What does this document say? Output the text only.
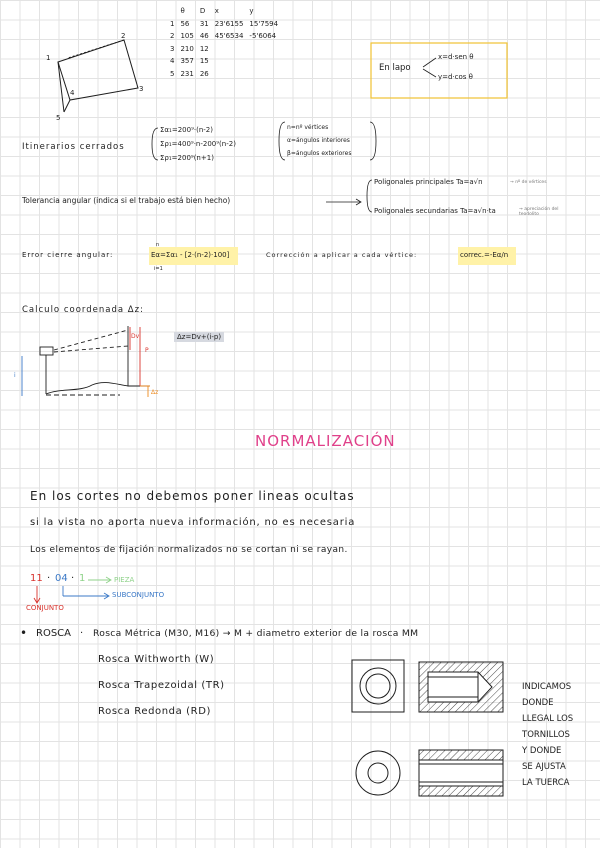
1
2
3
4
5
	θ	D	x	y
1	56	31	23'6155	15'7594
2	105	46	45'6534	-5'6064
3	210	12		
4	357	15		
5	231	26		
En lapo
x=d·sen θ
y=d·cos θ
Itinerarios cerrados
Σα₁=200⁹·(n-2)
Σρ₁=400⁹·n-200⁹(n-2)
Σρ₁=200⁹(n+1)
n=nº vértices
α=ángulos interiores
β=ángulos exteriores
Tolerancia angular (indica si el trabajo está bien hecho)
Poligonales principales Ta=a√n	→ nº de vértices
Poligonales secundarias Ta=a√n·ta	→ apreciación del teodolito
Error cierre angular:
n
Eα=Σα₁ - [2·(n-2)·100]
i=1
Corrección a aplicar a cada vértice:	correc.=-Eα/n
Calculo coordenada Δz:
Δz=Dv+(i-p)
Dv
P
i
Δz
NORMALIZACIÓN
En los cortes no debemos poner lineas ocultas
si la vista no aporta nueva información, no es necesaria
Los elementos de fijación normalizados no se cortan ni se rayan.
11 · 04 · 1	PIEZA
SUBCONJUNTO
CONJUNTO
• ROSCA · Rosca Métrica (M30, M16) → M + diametro exterior de la rosca MM
Rosca Withworth (W)
Rosca Trapezoidal (TR)
Rosca Redonda (RD)
INDICAMOS
DONDE
LLEGAL LOS
TORNILLOS
Y DONDE
SE AJUSTA
LA TUERCA
